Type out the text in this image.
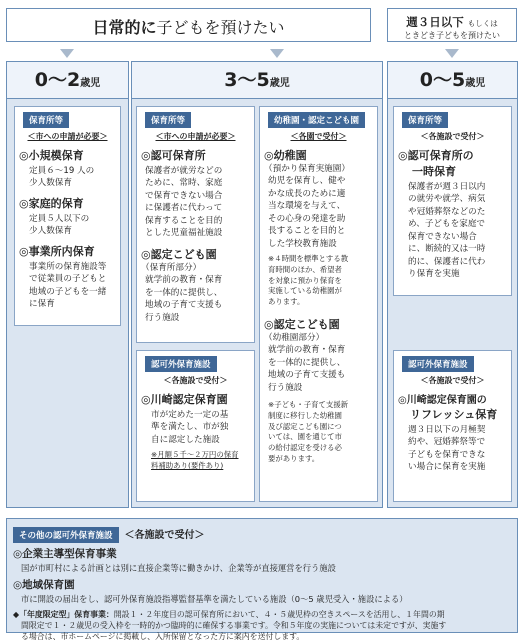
日常的に子どもを預けたい	週３日以下 もしくは
ときどき子どもを預けたい
0～2歳児
保育所等
＜市への申請が必要＞
◎小規模保育
定員６～19 人の
少人数保育
◎家庭的保育
定員５人以下の
少人数保育
◎事業所内保育
事業所の保育施設等
で従業員の子どもと
地域の子どもを一緒
に保育
3～5歳児
保育所等
＜市への申請が必要＞
◎認可保育所
保護者が就労などの
ために、常時、家庭
で保育できない場合
に保護者に代わって
保育することを目的
とした児童福祉施設
◎認定こども園
（保育所部分）
就学前の教育・保育
を一体的に提供し、
地域の子育て支援も
行う施設
認可外保育施設
＜各施設で受付＞
◎川崎認定保育園
市が定めた一定の基
準を満たし、市が独
自に認定した施設
※月額５千～２万円の保育
料補助あり(要件あり)
幼稚園・認定こども園
＜各園で受付＞
◎幼稚園
（預かり保育実施園）
幼児を保育し、健や
かな成長のために適
当な環境を与えて、
その心身の発達を助
長することを目的と
した学校教育施設
※４時間を標準とする教
育時間のほか、希望者
を対象に預かり保育を
実施している幼稚園が
あります。
◎認定こども園
（幼稚園部分）
就学前の教育・保育
を一体的に提供し、
地域の子育て支援も
行う施設
※子ども・子育て支援新
制度に移行した幼稚園
及び認定こども園につ
いては、園を通じて市
の給付認定を受ける必
要があります。
0～5歳児
保育所等
＜各施設で受付＞
◎認可保育所の
一時保育
保護者が週３日以内
の就労や就学、病気
や冠婚葬祭などのた
め、子どもを家庭で
保育できない場合
に、断続的又は一時
的に、保護者に代わ
り保育を実施
認可外保育施設
＜各施設で受付＞
◎川崎認定保育園の
リフレッシュ保育
週３日以下の月極契
約や、冠婚葬祭等で
子どもを保育できな
い場合に保育を実施
その他の認可外保育施設 ＜各施設で受付＞
◎企業主導型保育事業
国が市町村による計画とは別に直接企業等に働きかけ、企業等が直接運営を行う施設
◎地域保育園
市に開設の届出をし、認可外保育施設指導監督基準を満たしている施設（0～5 歳児受入・施設による）
◆「年度限定型」保育事業：開設１・２年度目の認可保育所において、４・５歳児枠の空きスペースを活用し、１年間の期
間限定で１・２歳児の受入枠を一時的かつ臨時的に確保する事業です。令和５年度の実施については未定ですが、実施す
る場合は、市ホームページに掲載し、入所保留となった方に案内を送付します。
